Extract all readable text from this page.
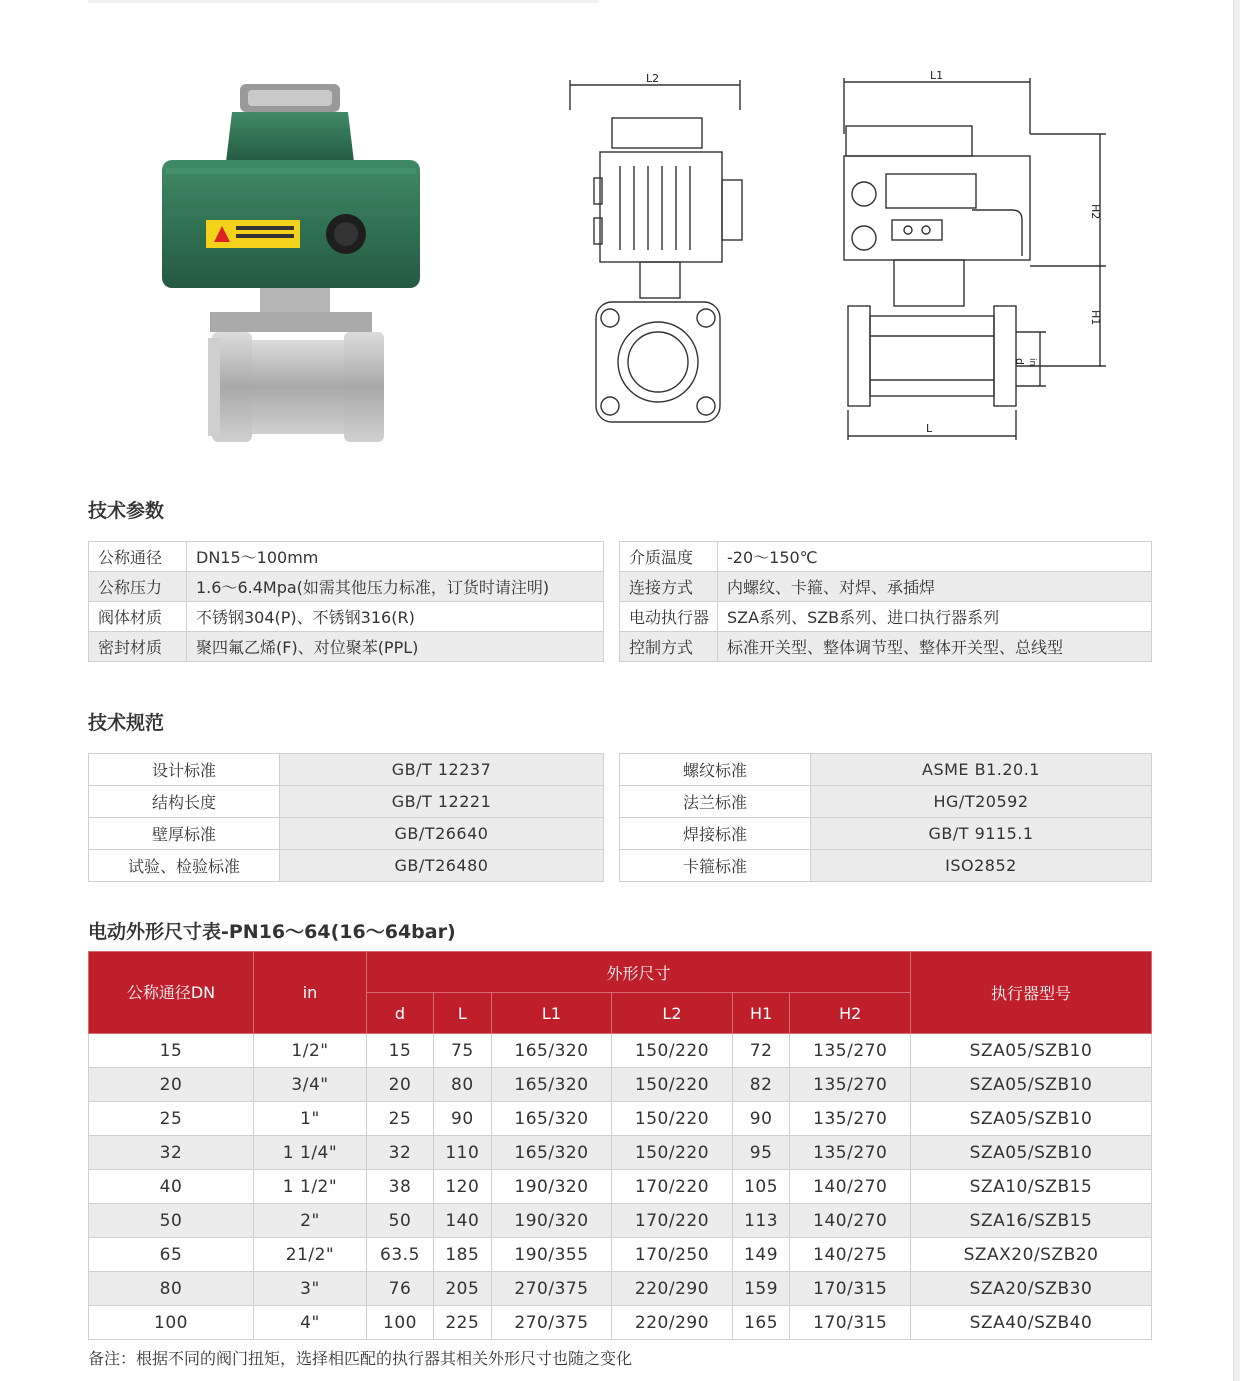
L2	L1
H2
H1
d in
L
技术参数
公称通径	DN15～100mm
公称压力	1.6～6.4Mpa(如需其他压力标准，订货时请注明)
阀体材质	不锈钢304(P)、不锈钢316(R)
密封材质	聚四氟乙烯(F)、对位聚苯(PPL)
介质温度	-20～150℃
连接方式	内螺纹、卡箍、对焊、承插焊
电动执行器	SZA系列、SZB系列、进口执行器系列
控制方式	标准开关型、整体调节型、整体开关型、总线型
技术规范
设计标准	GB/T 12237
结构长度	GB/T 12221
壁厚标准	GB/T26640
试验、检验标准	GB/T26480
螺纹标准	ASME B1.20.1
法兰标准	HG/T20592
焊接标准	GB/T 9115.1
卡箍标准	ISO2852
电动外形尺寸表-PN16～64(16～64bar)
公称通径DN	in	外形尺寸						执行器型号
		d	L	L1	L2	H1	H2	
15	1/2"	15	75	165/320	150/220	72	135/270	SZA05/SZB10
20	3/4"	20	80	165/320	150/220	82	135/270	SZA05/SZB10
25	1"	25	90	165/320	150/220	90	135/270	SZA05/SZB10
32	1 1/4"	32	110	165/320	150/220	95	135/270	SZA05/SZB10
40	1 1/2"	38	120	190/320	170/220	105	140/270	SZA10/SZB15
50	2"	50	140	190/320	170/220	113	140/270	SZA16/SZB15
65	21/2"	63.5	185	190/355	170/250	149	140/275	SZAX20/SZB20
80	3"	76	205	270/375	220/290	159	170/315	SZA20/SZB30
100	4"	100	225	270/375	220/290	165	170/315	SZA40/SZB40

备注：根据不同的阀门扭矩，选择相匹配的执行器其相关外形尺寸也随之变化
